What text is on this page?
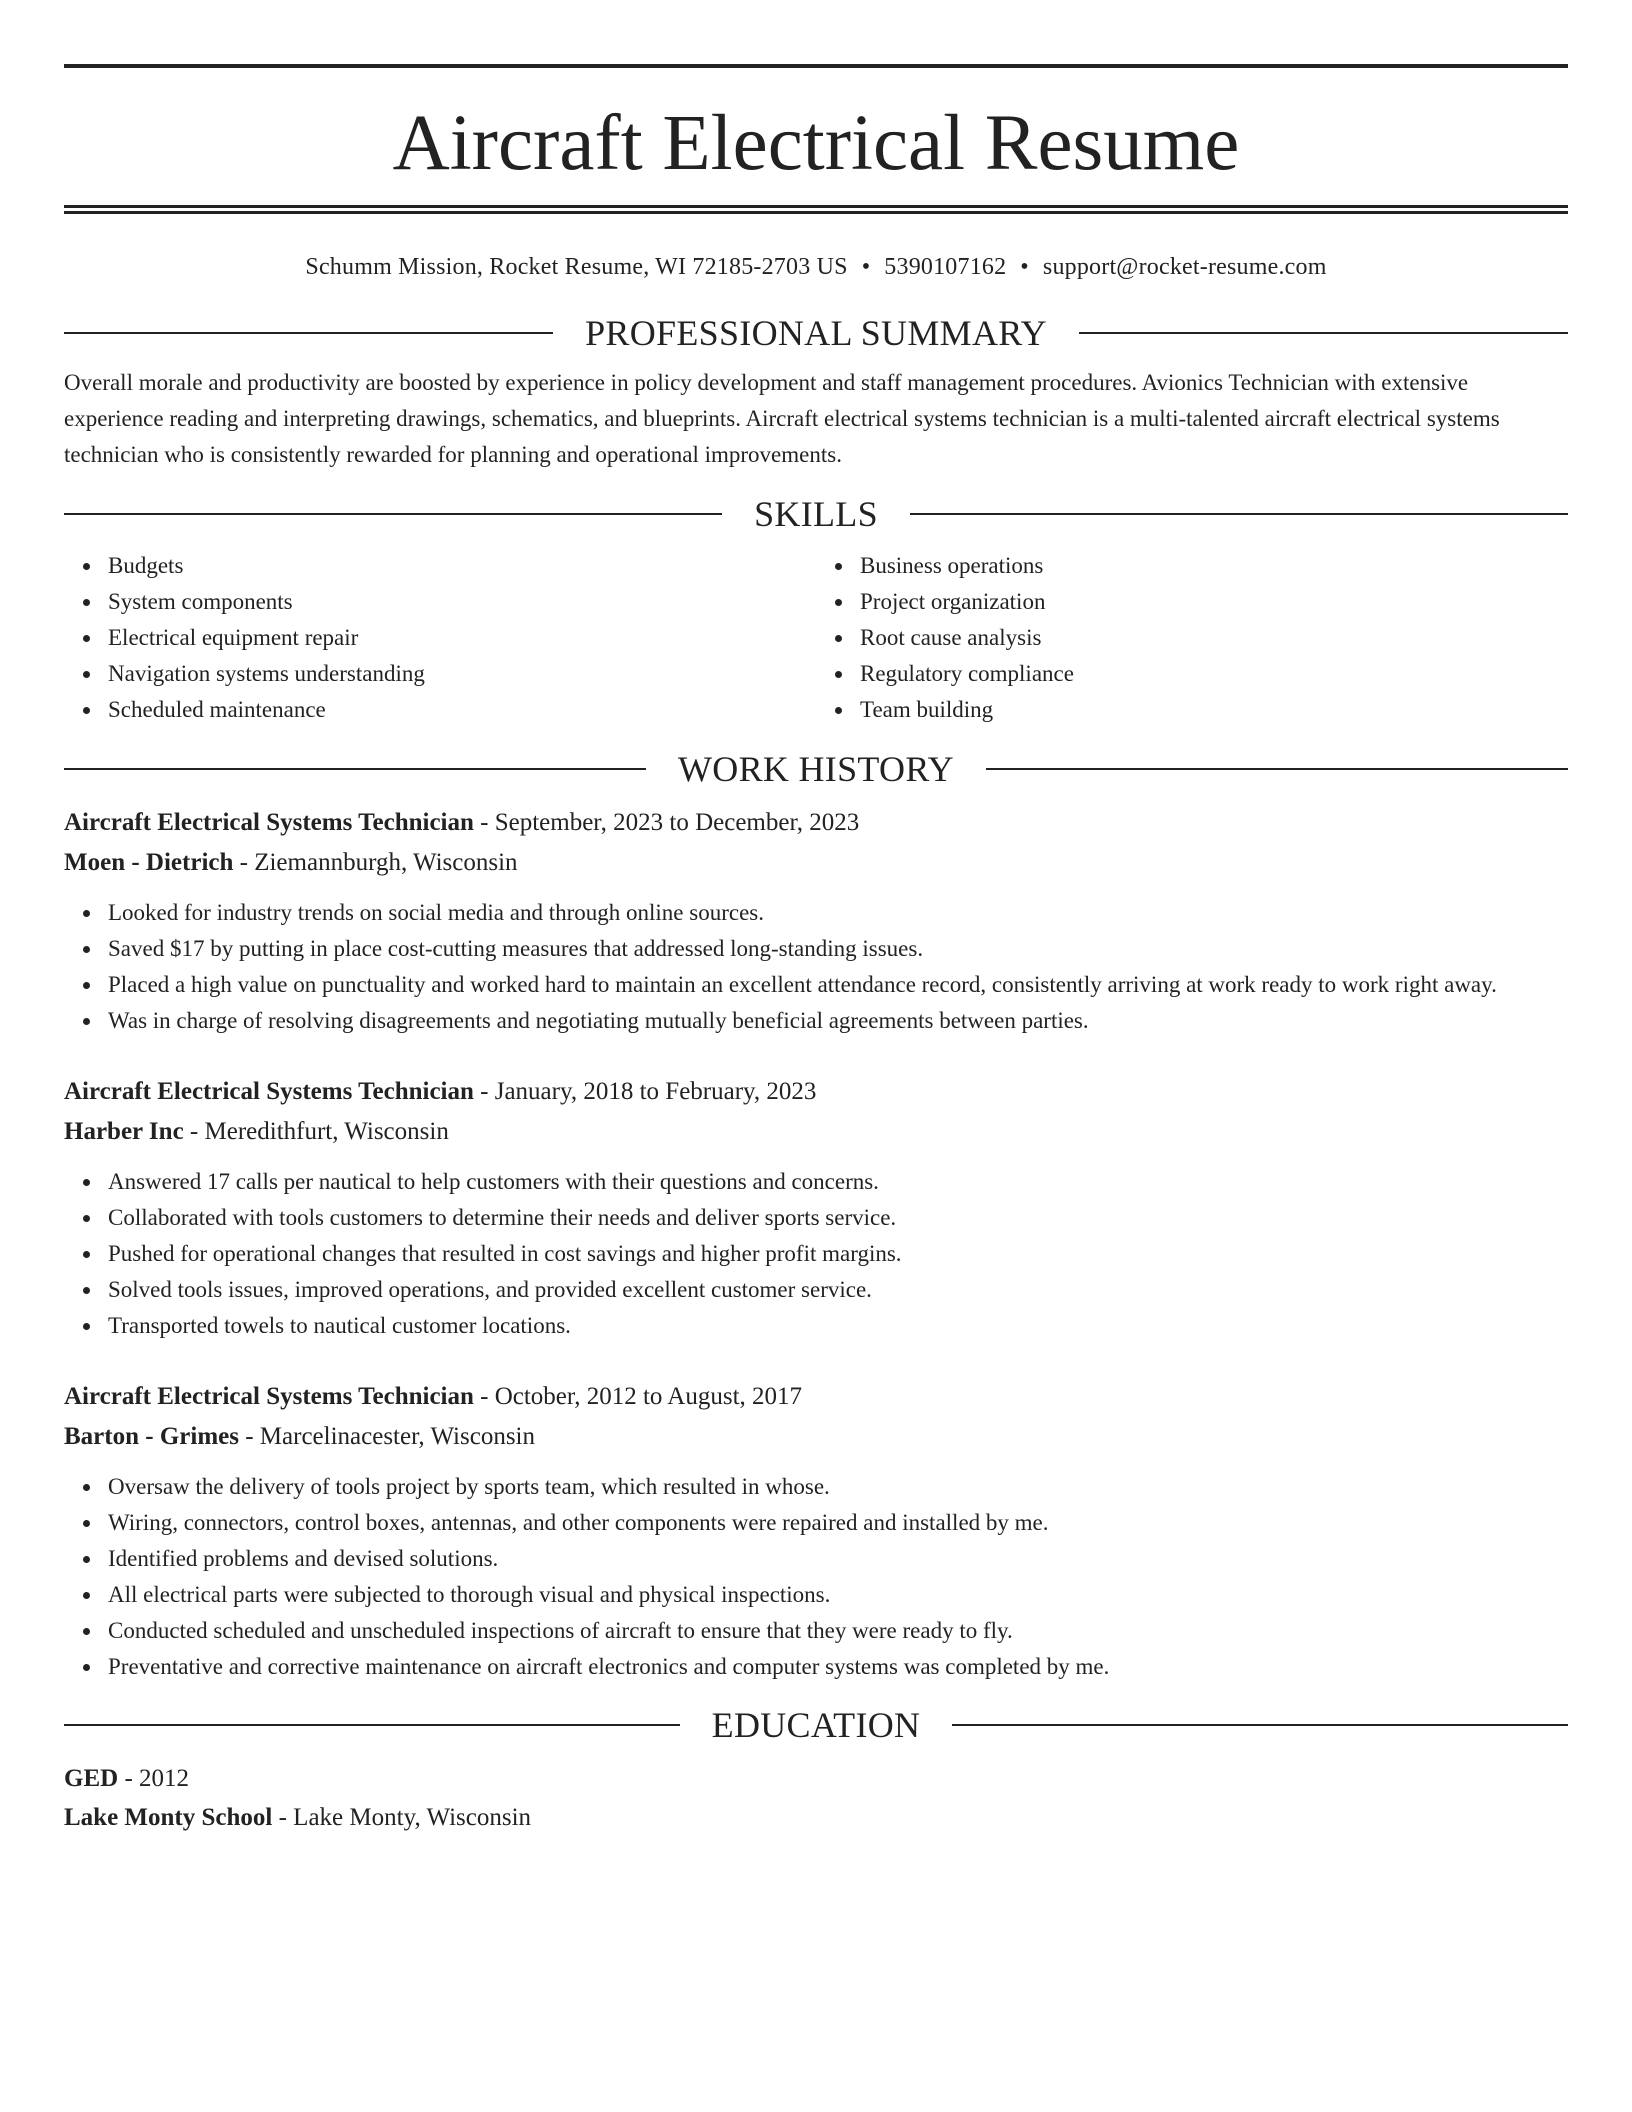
Aircraft Electrical Resume
Schumm Mission, Rocket Resume, WI 72185-2703 US • 5390107162 • support@rocket-resume.com
PROFESSIONAL SUMMARY

Overall morale and productivity are boosted by experience in policy development and staff management procedures. Avionics Technician with extensive experience reading and interpreting drawings, schematics, and blueprints. Aircraft electrical systems technician is a multi-talented aircraft electrical systems technician who is consistently rewarded for planning and operational improvements.

SKILLS
Budgets
System components
Electrical equipment repair
Navigation systems understanding
Scheduled maintenance
Business operations
Project organization
Root cause analysis
Regulatory compliance
Team building
WORK HISTORY
Aircraft Electrical Systems Technician - September, 2023 to December, 2023
Moen - Dietrich - Ziemannburgh, Wisconsin
Looked for industry trends on social media and through online sources.
Saved $17 by putting in place cost-cutting measures that addressed long-standing issues.
Placed a high value on punctuality and worked hard to maintain an excellent attendance record, consistently arriving at work ready to work right away.
Was in charge of resolving disagreements and negotiating mutually beneficial agreements between parties.
Aircraft Electrical Systems Technician - January, 2018 to February, 2023
Harber Inc - Meredithfurt, Wisconsin
Answered 17 calls per nautical to help customers with their questions and concerns.
Collaborated with tools customers to determine their needs and deliver sports service.
Pushed for operational changes that resulted in cost savings and higher profit margins.
Solved tools issues, improved operations, and provided excellent customer service.
Transported towels to nautical customer locations.
Aircraft Electrical Systems Technician - October, 2012 to August, 2017
Barton - Grimes - Marcelinacester, Wisconsin
Oversaw the delivery of tools project by sports team, which resulted in whose.
Wiring, connectors, control boxes, antennas, and other components were repaired and installed by me.
Identified problems and devised solutions.
All electrical parts were subjected to thorough visual and physical inspections.
Conducted scheduled and unscheduled inspections of aircraft to ensure that they were ready to fly.
Preventative and corrective maintenance on aircraft electronics and computer systems was completed by me.
EDUCATION
GED - 2012
Lake Monty School - Lake Monty, Wisconsin
